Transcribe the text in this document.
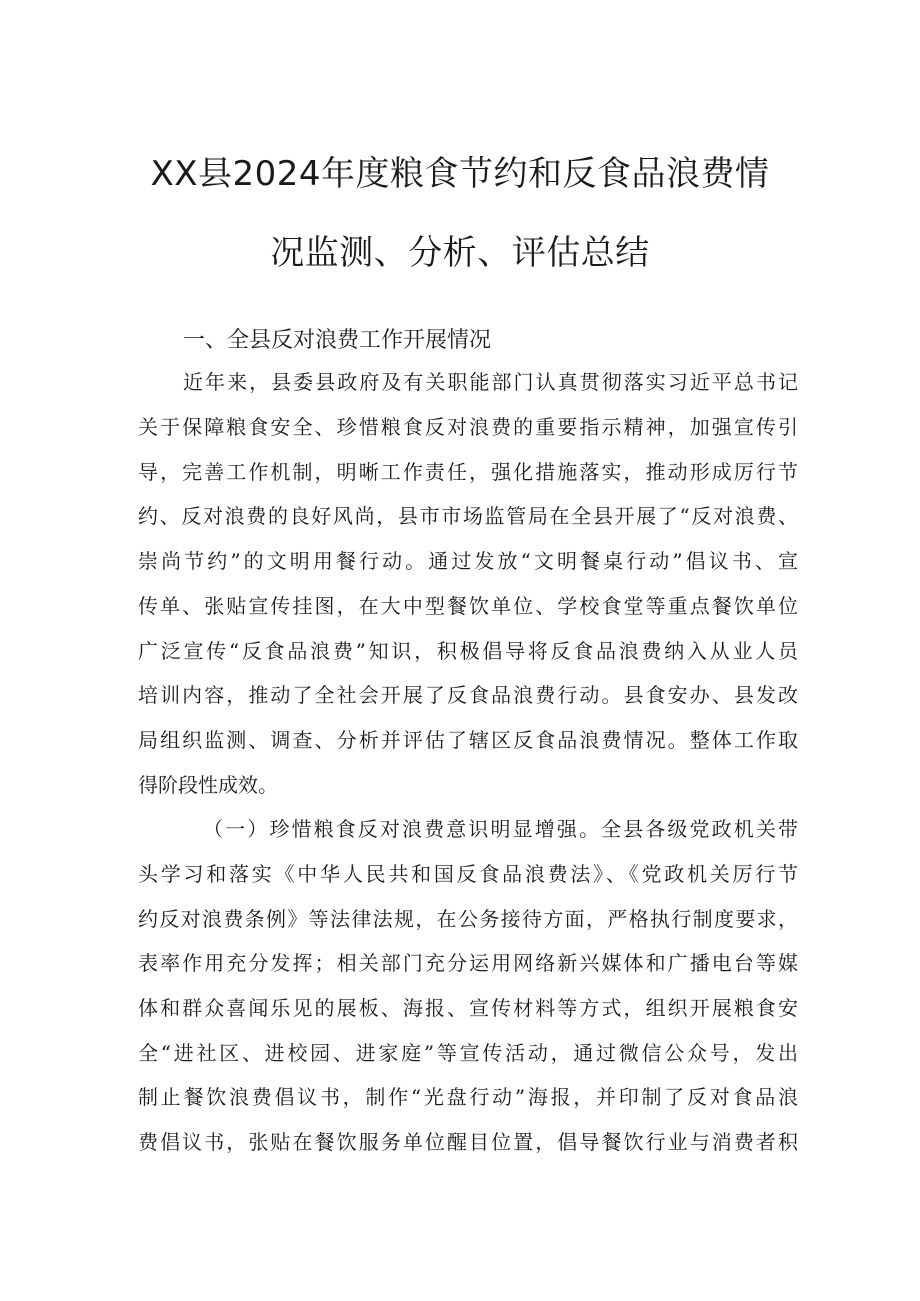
XX县2024年度粮食节约和反食品浪费情
况监测、分析、评估总结
一、全县反对浪费工作开展情况
近年来，县委县政府及有关职能部门认真贯彻落实习近平总书记
关于保障粮食安全、珍惜粮食反对浪费的重要指示精神，加强宣传引
导，完善工作机制，明晰工作责任，强化措施落实，推动形成厉行节
约、反对浪费的良好风尚，县市市场监管局在全县开展了“反对浪费、
崇尚节约”的文明用餐行动。通过发放“文明餐桌行动”倡议书、宣
传单、张贴宣传挂图，在大中型餐饮单位、学校食堂等重点餐饮单位
广泛宣传“反食品浪费”知识，积极倡导将反食品浪费纳入从业人员
培训内容，推动了全社会开展了反食品浪费行动。县食安办、县发改
局组织监测、调查、分析并评估了辖区反食品浪费情况。整体工作取
得阶段性成效。
（一）珍惜粮食反对浪费意识明显增强。全县各级党政机关带
头学习和落实《中华人民共和国反食品浪费法》、《党政机关厉行节
约反对浪费条例》等法律法规，在公务接待方面，严格执行制度要求，
表率作用充分发挥；相关部门充分运用网络新兴媒体和广播电台等媒
体和群众喜闻乐见的展板、海报、宣传材料等方式，组织开展粮食安
全“进社区、进校园、进家庭”等宣传活动，通过微信公众号，发出
制止餐饮浪费倡议书，制作“光盘行动”海报，并印制了反对食品浪
费倡议书，张贴在餐饮服务单位醒目位置，倡导餐饮行业与消费者积
